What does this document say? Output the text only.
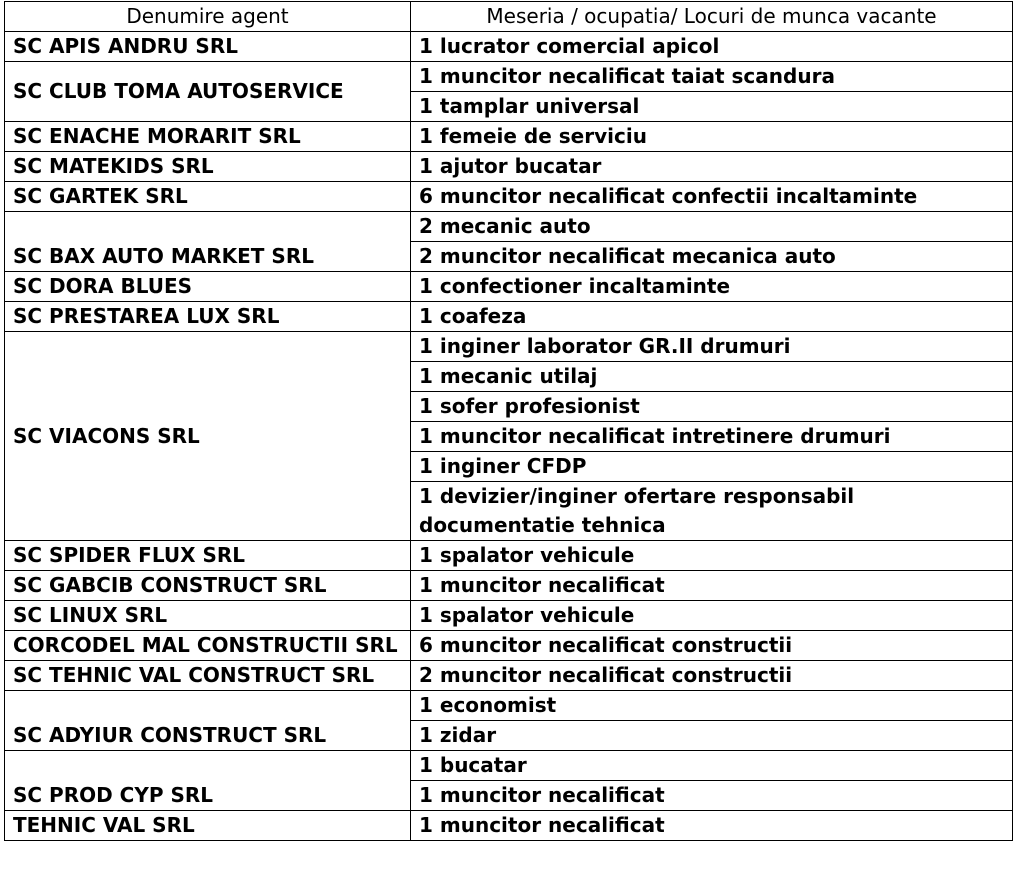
Denumire agent	Meseria / ocupatia/ Locuri de munca vacante
SC APIS ANDRU SRL	1 lucrator comercial apicol
SC CLUB TOMA AUTOSERVICE	1 muncitor necalificat taiat scandura
	1 tamplar universal
SC ENACHE MORARIT SRL	1 femeie de serviciu
SC MATEKIDS SRL	1 ajutor bucatar
SC GARTEK SRL	6 muncitor necalificat confectii incaltaminte
SC BAX AUTO MARKET SRL	2 mecanic auto
	2 muncitor necalificat mecanica auto
SC DORA BLUES	1 confectioner incaltaminte
SC PRESTAREA LUX SRL	1 coafeza
SC VIACONS SRL	1 inginer laborator GR.II drumuri
	1 mecanic utilaj
	1 sofer profesionist
	1 muncitor necalificat intretinere drumuri
	1 inginer CFDP
	1 devizier/inginer ofertare responsabil documentatie tehnica
SC SPIDER FLUX SRL	1 spalator vehicule
SC GABCIB CONSTRUCT SRL	1 muncitor necalificat
SC LINUX SRL	1 spalator vehicule
CORCODEL MAL CONSTRUCTII SRL	6 muncitor necalificat constructii
SC TEHNIC VAL CONSTRUCT SRL	2 muncitor necalificat constructii
SC ADYIUR CONSTRUCT SRL	1 economist
	1 zidar
SC PROD CYP SRL	1 bucatar
	1 muncitor necalificat
TEHNIC VAL SRL	1 muncitor necalificat
